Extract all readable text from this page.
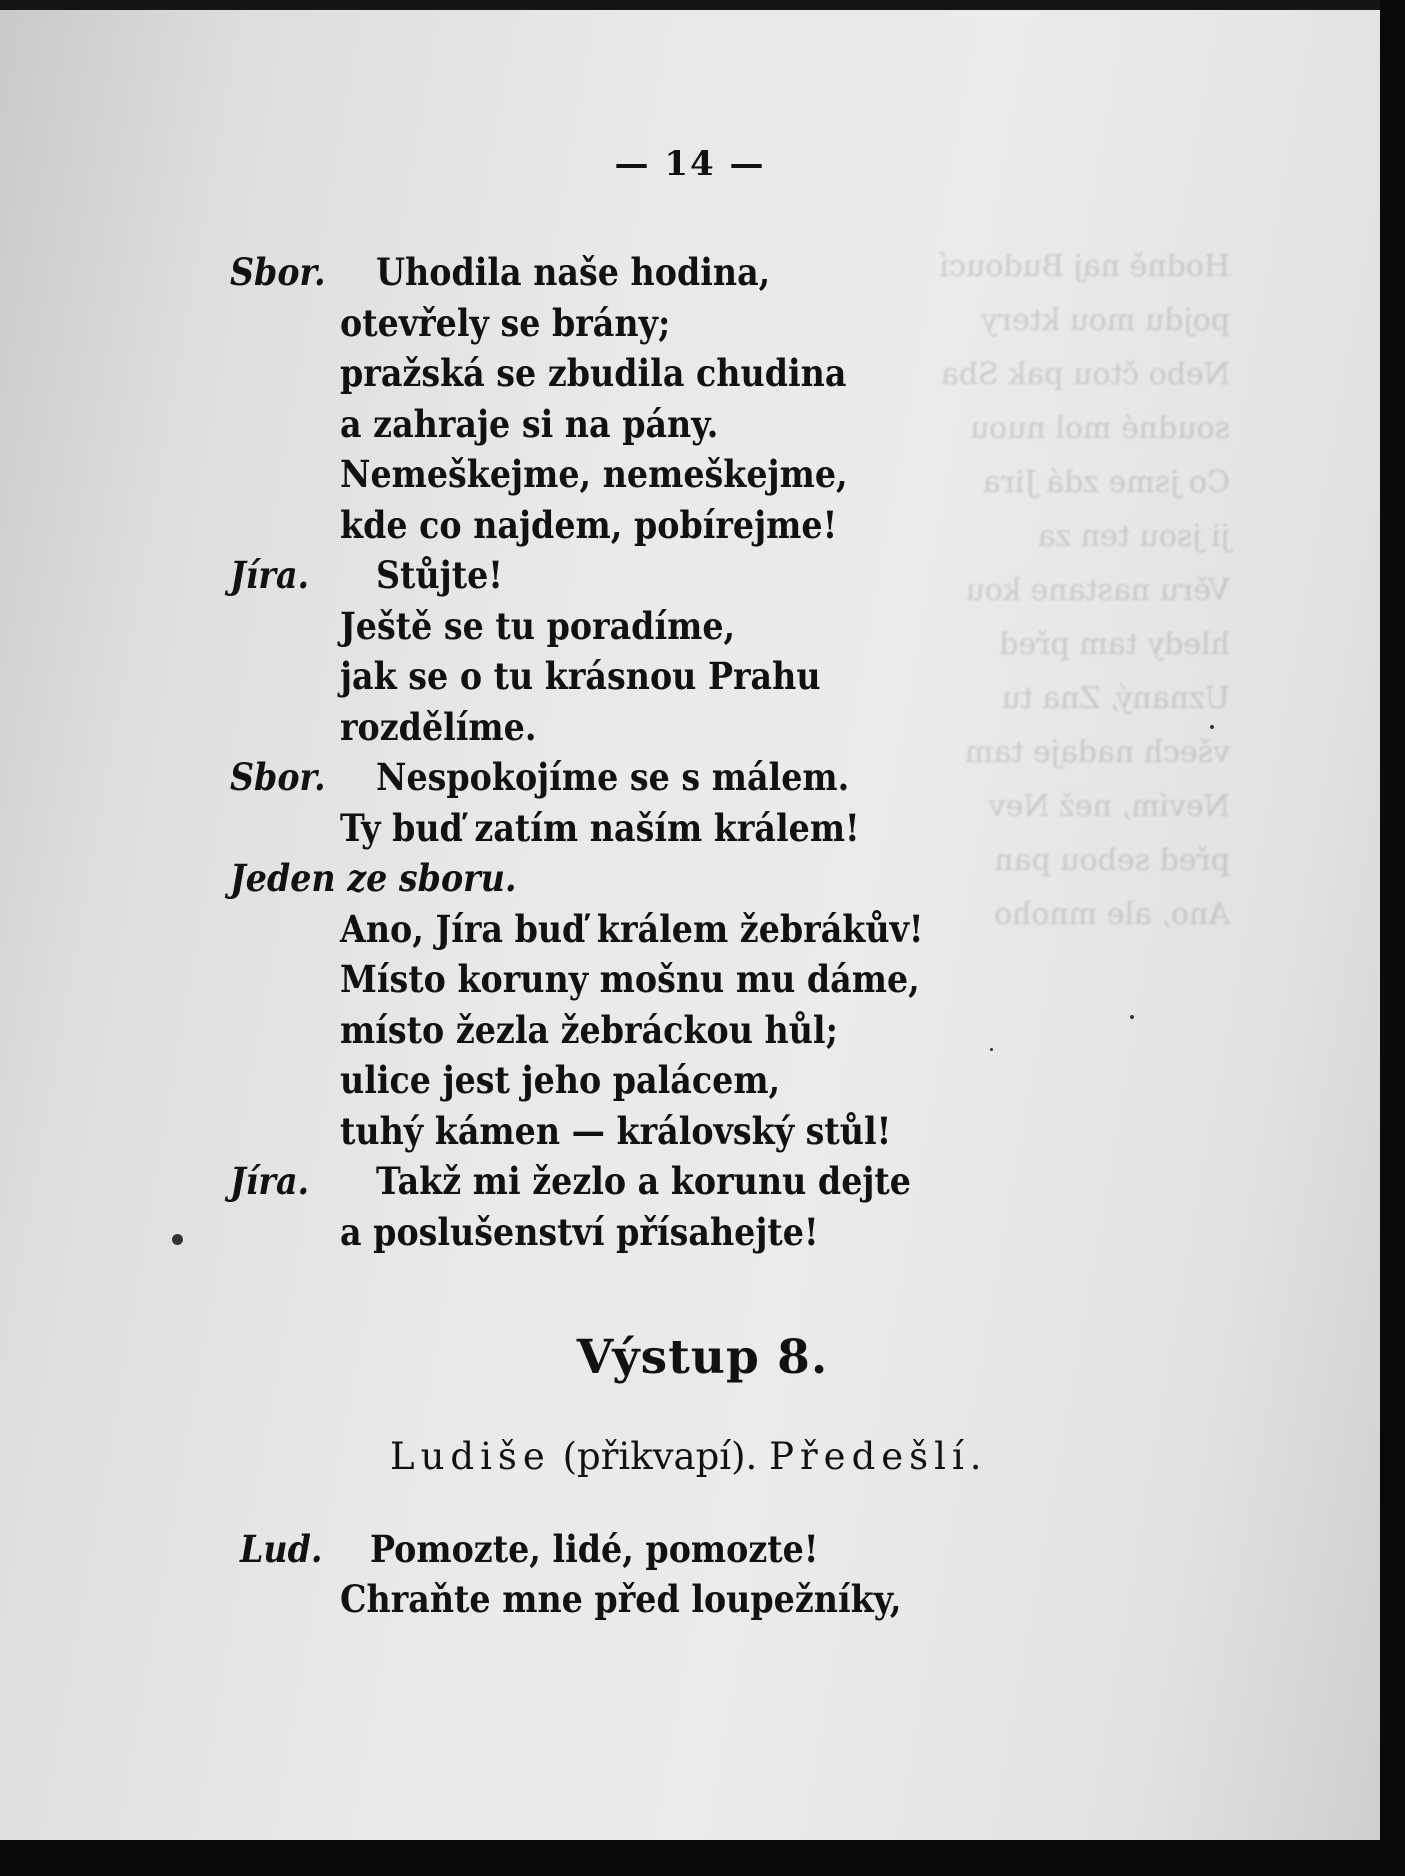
Hodně naj Budoucí
pojdu mou ktery
Nebo čtou pak Sba
soudné mol nuou
Co jsme zdá Jira
ji jsou ten za
Věru nastane kou
hledy tam před
Uznaný, Zna tu
všech nadaje tam
Nevím, než Nev
před sebou pan
Ano, ale mnoho
— 14 —
Sbor. Uhodila naše hodina,
otevřely se brány;
pražská se zbudila chudina
a zahraje si na pány.
Nemeškejme, nemeškejme,
kde co najdem, pobírejme!
Jíra. Stůjte!
Ještě se tu poradíme,
jak se o tu krásnou Prahu
rozdělíme.
Sbor. Nespokojíme se s málem.
Ty buď zatím naším králem!
Jeden ze sboru.
Ano, Jíra buď králem žebrákův!
Místo koruny mošnu mu dáme,
místo žezla žebráckou hůl;
ulice jest jeho palácem,
tuhý kámen — královský stůl!
Jíra. Takž mi žezlo a korunu dejte
a poslušenství přísahejte!
Výstup 8.
Ludiše (přikvapí). Předešlí.
Lud. Pomozte, lidé, pomozte!
Chraňte mne před loupežníky,
